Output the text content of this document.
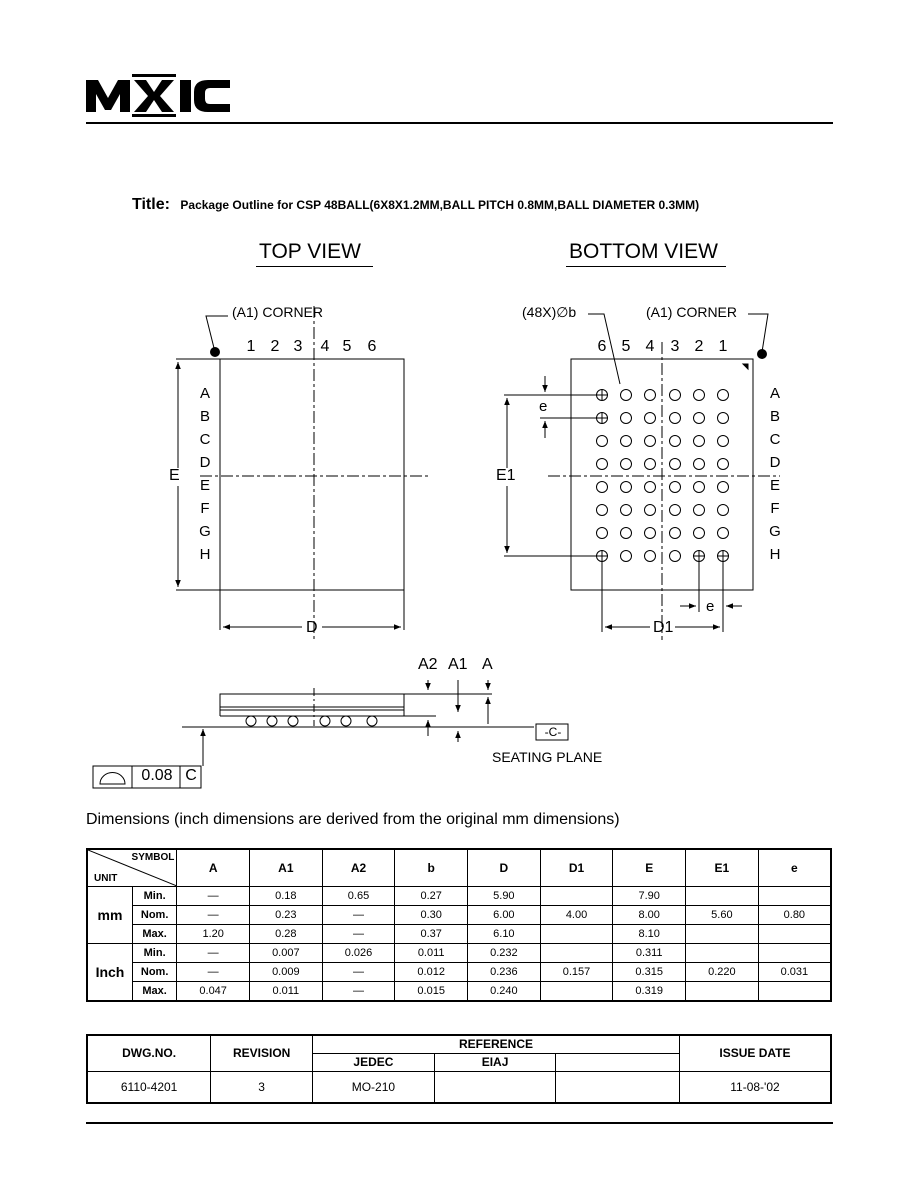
Title: Package Outline for CSP 48BALL(6X8X1.2MM,BALL PITCH 0.8MM,BALL DIAMETER 0.3MM)
TOP VIEW	BOTTOM VIEW
(A1) CORNER
1 2 3 4 5 6
A
B
C
D
E
F
G
H
E
D
(48X)∅b	(A1) CORNER
6 5 4 3 2 1
A
B
C
D
E
F
G
H
e
E1
D1
e
A2 A1 A
-C-
SEATING PLANE
0.08 C
Dimensions (inch dimensions are derived from the original mm dimensions)
SYMBOL
UNIT		A	A1	A2	b	D	D1	E	E1	e
mm	Min.	—	0.18	0.65	0.27	5.90		7.90		
	Nom.	—	0.23	—	0.30	6.00	4.00	8.00	5.60	0.80
	Max.	1.20	0.28	—	0.37	6.10		8.10		
Inch	Min.	—	0.007	0.026	0.011	0.232		0.311		
	Nom.	—	0.009	—	0.012	0.236	0.157	0.315	0.220	0.031
	Max.	0.047	0.011	—	0.015	0.240		0.319		
DWG.NO.	REVISION	REFERENCE			ISSUE DATE
		JEDEC	EIAJ		
6110-4201	3	MO-210			11-08-'02
